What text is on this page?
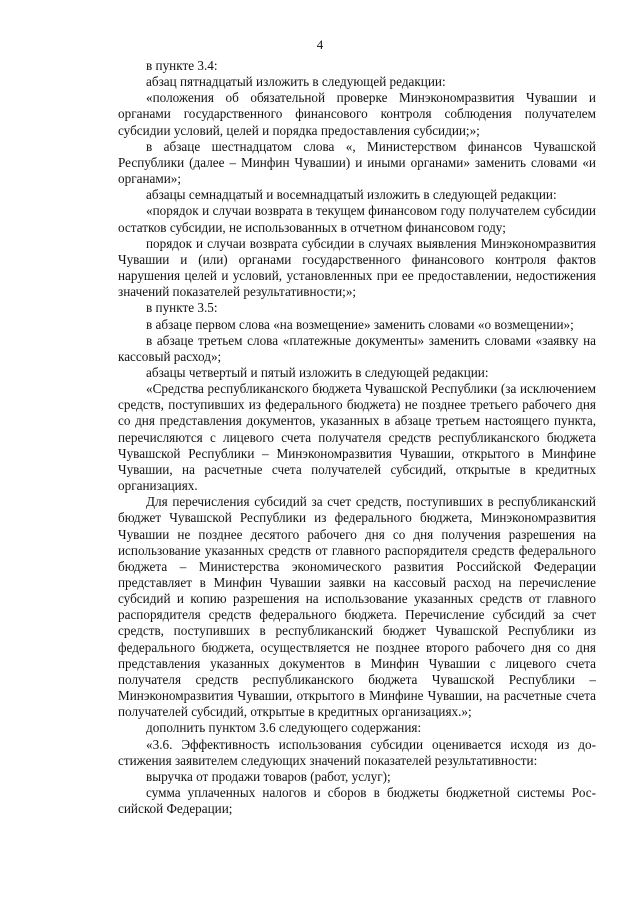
4

в пункте 3.4:

абзац пятнадцатый изложить в следующей редакции:

«положения об обязательной проверке Минэкономразвития Чувашии и органами государственного финансового контроля соблюдения получателем субсидии условий, целей и порядка предоставления субсидии;»;

в абзаце шестнадцатом слова «, Министерством финансов Чувашской Республики (далее – Минфин Чувашии) и иными органами» заменить словами «и органами»;

абзацы семнадцатый и восемнадцатый изложить в следующей редакции:

«порядок и случаи возврата в текущем финансовом году получателем субсидии остатков субсидии, не использованных в отчетном финансовом году;

порядок и случаи возврата субсидии в случаях выявления Минэкономразвития Чувашии и (или) органами государственного финансового контроля фактов нарушения целей и условий, установленных при ее предоставлении, недостижения значений показателей результативности;»;

в пункте 3.5:

в абзаце первом слова «на возмещение» заменить словами «о возмещении»;

в абзаце третьем слова «платежные документы» заменить словами «заявку на кассовый расход»;

абзацы четвертый и пятый изложить в следующей редакции:

«Средства республиканского бюджета Чувашской Республики (за исключением средств, поступивших из федерального бюджета) не позднее третьего рабочего дня со дня представления документов, указанных в абзаце третьем настоящего пункта, перечисляются с лицевого счета получателя средств республиканского бюджета Чувашской Республики – Минэкономразвития Чувашии, открытого в Минфине Чувашии, на расчетные счета получателей субсидий, открытые в кредитных организациях.

Для перечисления субсидий за счет средств, поступивших в республиканский бюджет Чувашской Республики из федерального бюджета, Минэкономразвития Чувашии не позднее десятого рабочего дня со дня получения разрешения на использование указанных средств от главного распорядителя средств федерального бюджета – Министерства экономического развития Российской Федерации представляет в Минфин Чувашии заявки на кассовый расход на перечисление субсидий и копию разрешения на использование указанных средств от главного распорядителя средств федерального бюджета. Перечисление субсидий за счет средств, поступивших в республиканский бюджет Чувашской Республики из федерального бюджета, осуществляется не позднее второго рабочего дня со дня представления указанных документов в Минфин Чувашии с лицевого счета получателя средств республиканского бюджета Чувашской Республики – Минэкономразвития Чувашии, открытого в Минфине Чувашии, на расчетные счета получателей субсидий, открытые в кредитных организациях.»;

дополнить пунктом 3.6 следующего содержания:

«3.6. Эффективность использования субсидии оценивается исходя из достижения заявителем следующих значений показателей результативности:

выручка от продажи товаров (работ, услуг);

сумма уплаченных налогов и сборов в бюджеты бюджетной системы Российской Федерации;
